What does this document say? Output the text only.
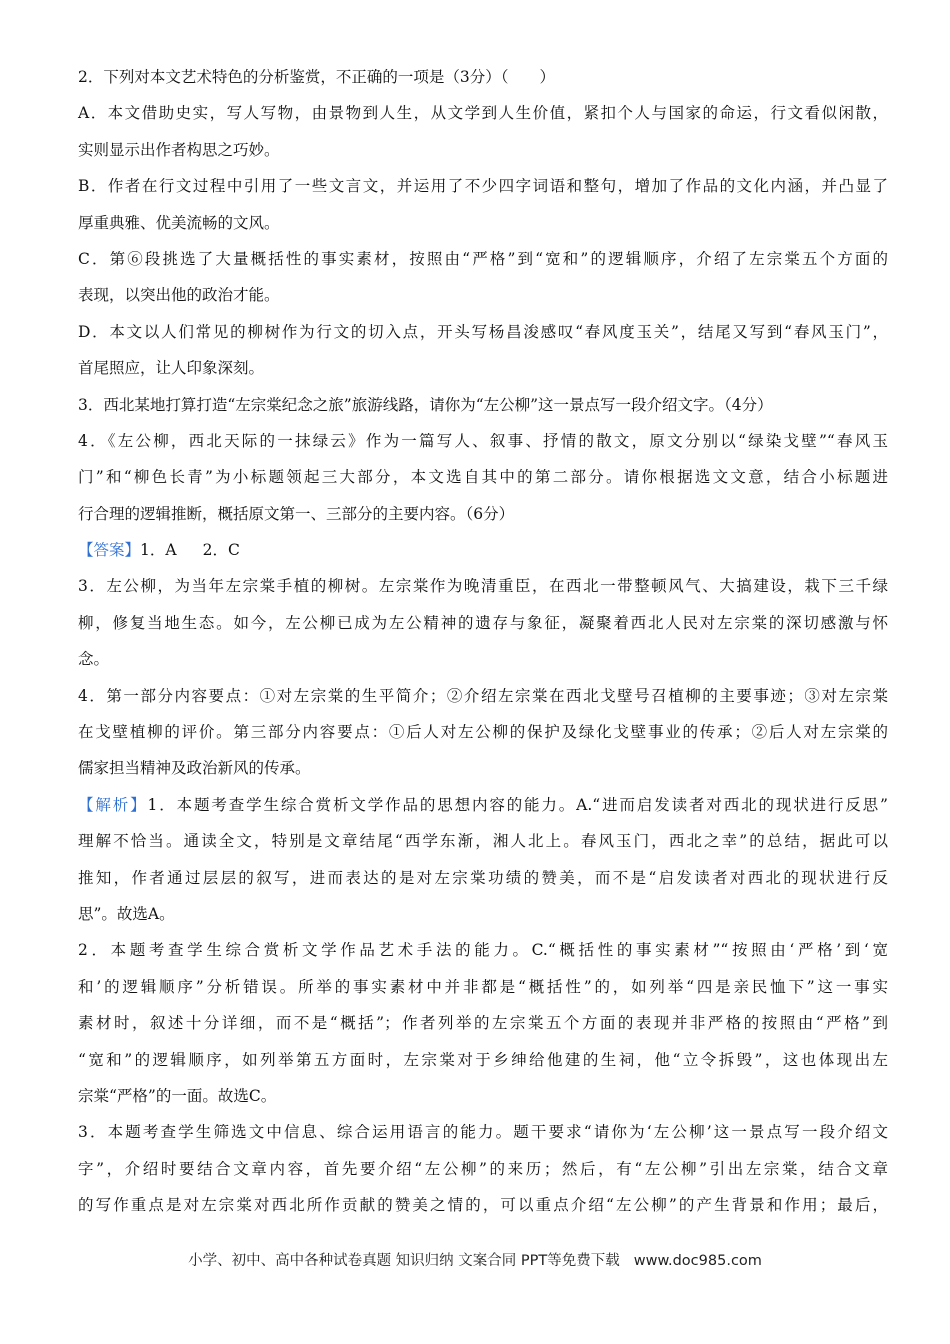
2．下列对本文艺术特色的分析鉴赏，不正确的一项是（3分）（　　）
A．本文借助史实，写人写物，由景物到人生，从文学到人生价值，紧扣个人与国家的命运，行文看似闲散，
实则显示出作者构思之巧妙。
B．作者在行文过程中引用了一些文言文，并运用了不少四字词语和整句，增加了作品的文化内涵，并凸显了
厚重典雅、优美流畅的文风。
C．第⑥段挑选了大量概括性的事实素材，按照由“严格”到“宽和”的逻辑顺序，介绍了左宗棠五个方面的
表现，以突出他的政治才能。
D．本文以人们常见的柳树作为行文的切入点，开头写杨昌浚感叹“春风度玉关”，结尾又写到“春风玉门”，
首尾照应，让人印象深刻。
3．西北某地打算打造“左宗棠纪念之旅”旅游线路，请你为“左公柳”这一景点写一段介绍文字。（4分）
4．《左公柳，西北天际的一抹绿云》作为一篇写人、叙事、抒情的散文，原文分别以“绿染戈壁”“春风玉
门”和“柳色长青”为小标题领起三大部分，本文选自其中的第二部分。请你根据选文文意，结合小标题进
行合理的逻辑推断，概括原文第一、三部分的主要内容。（6分）
【答案】1．A 2．C
3．左公柳，为当年左宗棠手植的柳树。左宗棠作为晚清重臣，在西北一带整顿风气、大搞建设，栽下三千绿
柳，修复当地生态。如今，左公柳已成为左公精神的遗存与象征，凝聚着西北人民对左宗棠的深切感激与怀
念。
4．第一部分内容要点：①对左宗棠的生平简介；②介绍左宗棠在西北戈壁号召植柳的主要事迹；③对左宗棠
在戈壁植柳的评价。第三部分内容要点：①后人对左公柳的保护及绿化戈壁事业的传承；②后人对左宗棠的
儒家担当精神及政治新风的传承。
【解析】1．本题考查学生综合赏析文学作品的思想内容的能力。A.“进而启发读者对西北的现状进行反思”
理解不恰当。通读全文，特别是文章结尾“西学东渐，湘人北上。春风玉门，西北之幸”的总结，据此可以
推知，作者通过层层的叙写，进而表达的是对左宗棠功绩的赞美，而不是“启发读者对西北的现状进行反
思”。故选A。
2．本题考查学生综合赏析文学作品艺术手法的能力。C.“概括性的事实素材”“按照由‘严格’到‘宽
和’的逻辑顺序”分析错误。所举的事实素材中并非都是“概括性”的，如列举“四是亲民恤下”这一事实
素材时，叙述十分详细，而不是“概括”；作者列举的左宗棠五个方面的表现并非严格的按照由“严格”到
“宽和”的逻辑顺序，如列举第五方面时，左宗棠对于乡绅给他建的生祠，他“立令拆毁”，这也体现出左
宗棠“严格”的一面。故选C。
3．本题考查学生筛选文中信息、综合运用语言的能力。题干要求“请你为‘左公柳’这一景点写一段介绍文
字”，介绍时要结合文章内容，首先要介绍“左公柳”的来历；然后，有“左公柳”引出左宗棠，结合文章
的写作重点是对左宗棠对西北所作贡献的赞美之情的，可以重点介绍“左公柳”的产生背景和作用；最后，
小学、初中、高中各种试卷真题 知识归纳 文案合同 PPT等免费下载 www.doc985.com
